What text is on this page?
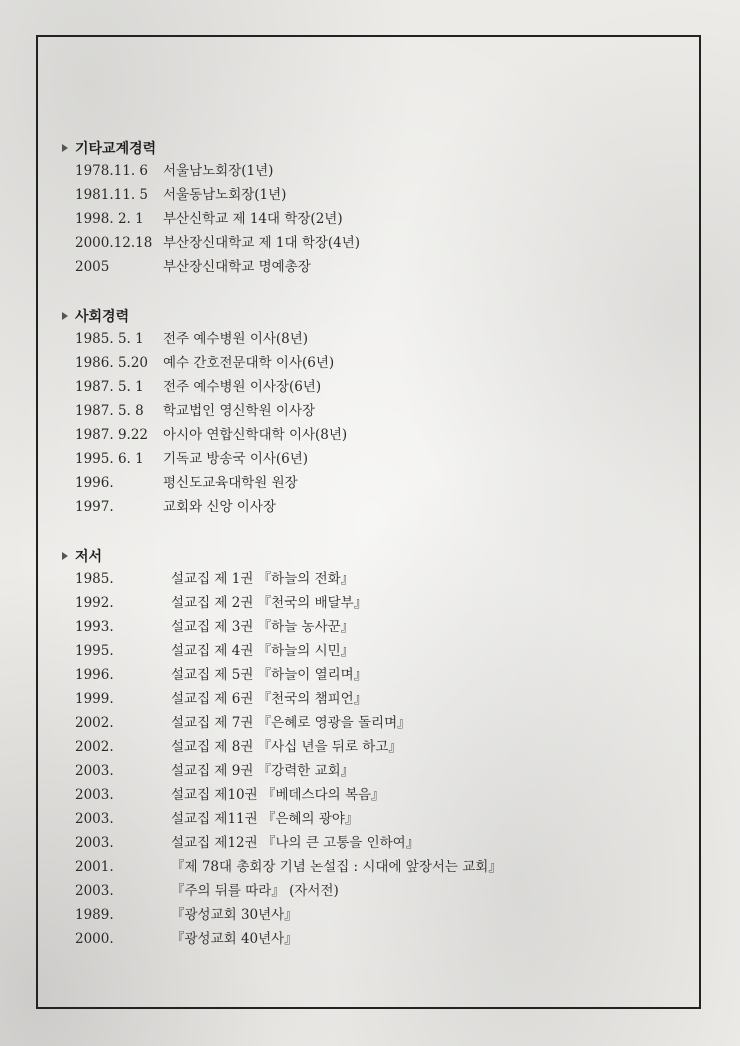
기타교계경력
1978.11. 6 서울남노회장(1년)
1981.11. 5 서울동남노회장(1년)
1998. 2. 1 부산신학교 제 14대 학장(2년)
2000.12.18 부산장신대학교 제 1대 학장(4년)
2005	부산장신대학교 명예총장
사회경력
1985. 5. 1 전주 예수병원 이사(8년)
1986. 5.20 예수 간호전문대학 이사(6년)
1987. 5. 1 전주 예수병원 이사장(6년)
1987. 5. 8 학교법인 영신학원 이사장
1987. 9.22 아시아 연합신학대학 이사(8년)
1995. 6. 1 기독교 방송국 이사(6년)
1996.	평신도교육대학원 원장
1997.	교회와 신앙 이사장
저서
1985.	설교집 제 1권 『하늘의 전화』
1992.	설교집 제 2권 『천국의 배달부』
1993.	설교집 제 3권 『하늘 농사꾼』
1995.	설교집 제 4권 『하늘의 시민』
1996.	설교집 제 5권 『하늘이 열리며』
1999.	설교집 제 6권 『천국의 챔피언』
2002.	설교집 제 7권 『은혜로 영광을 돌리며』
2002.	설교집 제 8권 『사십 년을 뒤로 하고』
2003.	설교집 제 9권 『강력한 교회』
2003.	설교집 제10권 『베데스다의 복음』
2003.	설교집 제11권 『은혜의 광야』
2003.	설교집 제12권 『나의 큰 고통을 인하여』
2001.	『제 78대 총회장 기념 논설집 : 시대에 앞장서는 교회』
2003.	『주의 뒤를 따라』 (자서전)
1989.	『광성교회 30년사』
2000.	『광성교회 40년사』
